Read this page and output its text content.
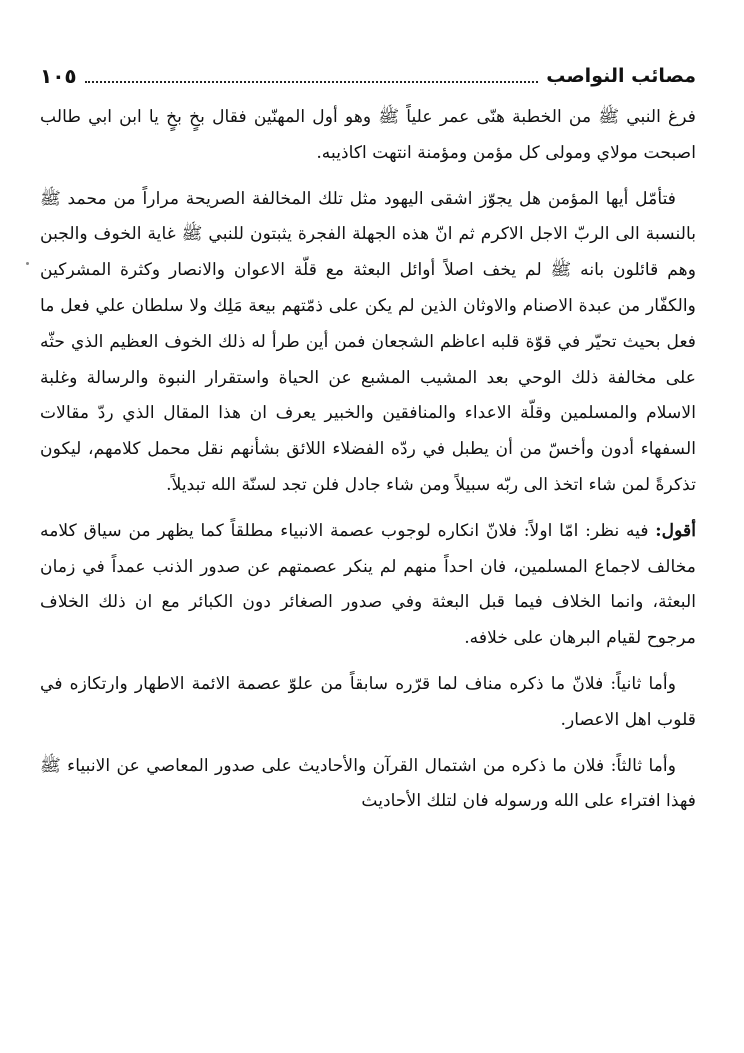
مصائب النواصب
١٠٥

فرغ النبي ﷺ من الخطبة هنّى عمر علياً ﷺ وهو أول المهنّين فقال بخٍ بخٍ يا ابن ابي طالب اصبحت مولاي ومولى كل مؤمن ومؤمنة انتهت اكاذيبه.

فتأمّل أيها المؤمن هل يجوّز اشقى اليهود مثل تلك المخالفة الصريحة مراراً من محمد ﷺ بالنسبة الى الربّ الاجل الاكرم ثم انّ هذه الجهلة الفجرة يثبتون للنبي ﷺ غاية الخوف والجبن وهم قائلون بانه ﷺ لم يخف اصلاً أوائل البعثة مع قلّة الاعوان والانصار وكثرة المشركين والكفّار من عبدة الاصنام والاوثان الذين لم يكن على ذمّتهم بيعة مَلِك ولا سلطان علي فعل ما فعل بحيث تحيّر في قوّة قلبه اعاظم الشجعان فمن أين طرأ له ذلك الخوف العظيم الذي حثّه على مخالفة ذلك الوحي بعد المشيب المشبع عن الحياة واستقرار النبوة والرسالة وغلبة الاسلام والمسلمين وقلّة الاعداء والمنافقين والخبير يعرف ان هذا المقال الذي ردّ مقالات السفهاء أدون وأخسّ من أن يطبل في ردّه الفضلاء اللائق بشأنهم نقل محمل كلامهم، ليكون تذكرةً لمن شاء اتخذ الى ربّه سبيلاً ومن شاء جادل فلن تجد لسنّة الله تبديلاً.

أقول: فيه نظر: امّا اولاً: فلانّ انكاره لوجوب عصمة الانبياء مطلقاً كما يظهر من سياق كلامه مخالف لاجماع المسلمين، فان احداً منهم لم ينكر عصمتهم عن صدور الذنب عمداً في زمان البعثة، وانما الخلاف فيما قبل البعثة وفي صدور الصغائر دون الكبائر مع ان ذلك الخلاف مرجوح لقيام البرهان على خلافه.

وأما ثانياً: فلانّ ما ذكره مناف لما قرّره سابقاً من علوّ عصمة الائمة الاطهار وارتكازه في قلوب اهل الاعصار.

وأما ثالثاً: فلان ما ذكره من اشتمال القرآن والأحاديث على صدور المعاصي عن الانبياء ﷺ فهذا افتراء على الله ورسوله فان لتلك الأحاديث
